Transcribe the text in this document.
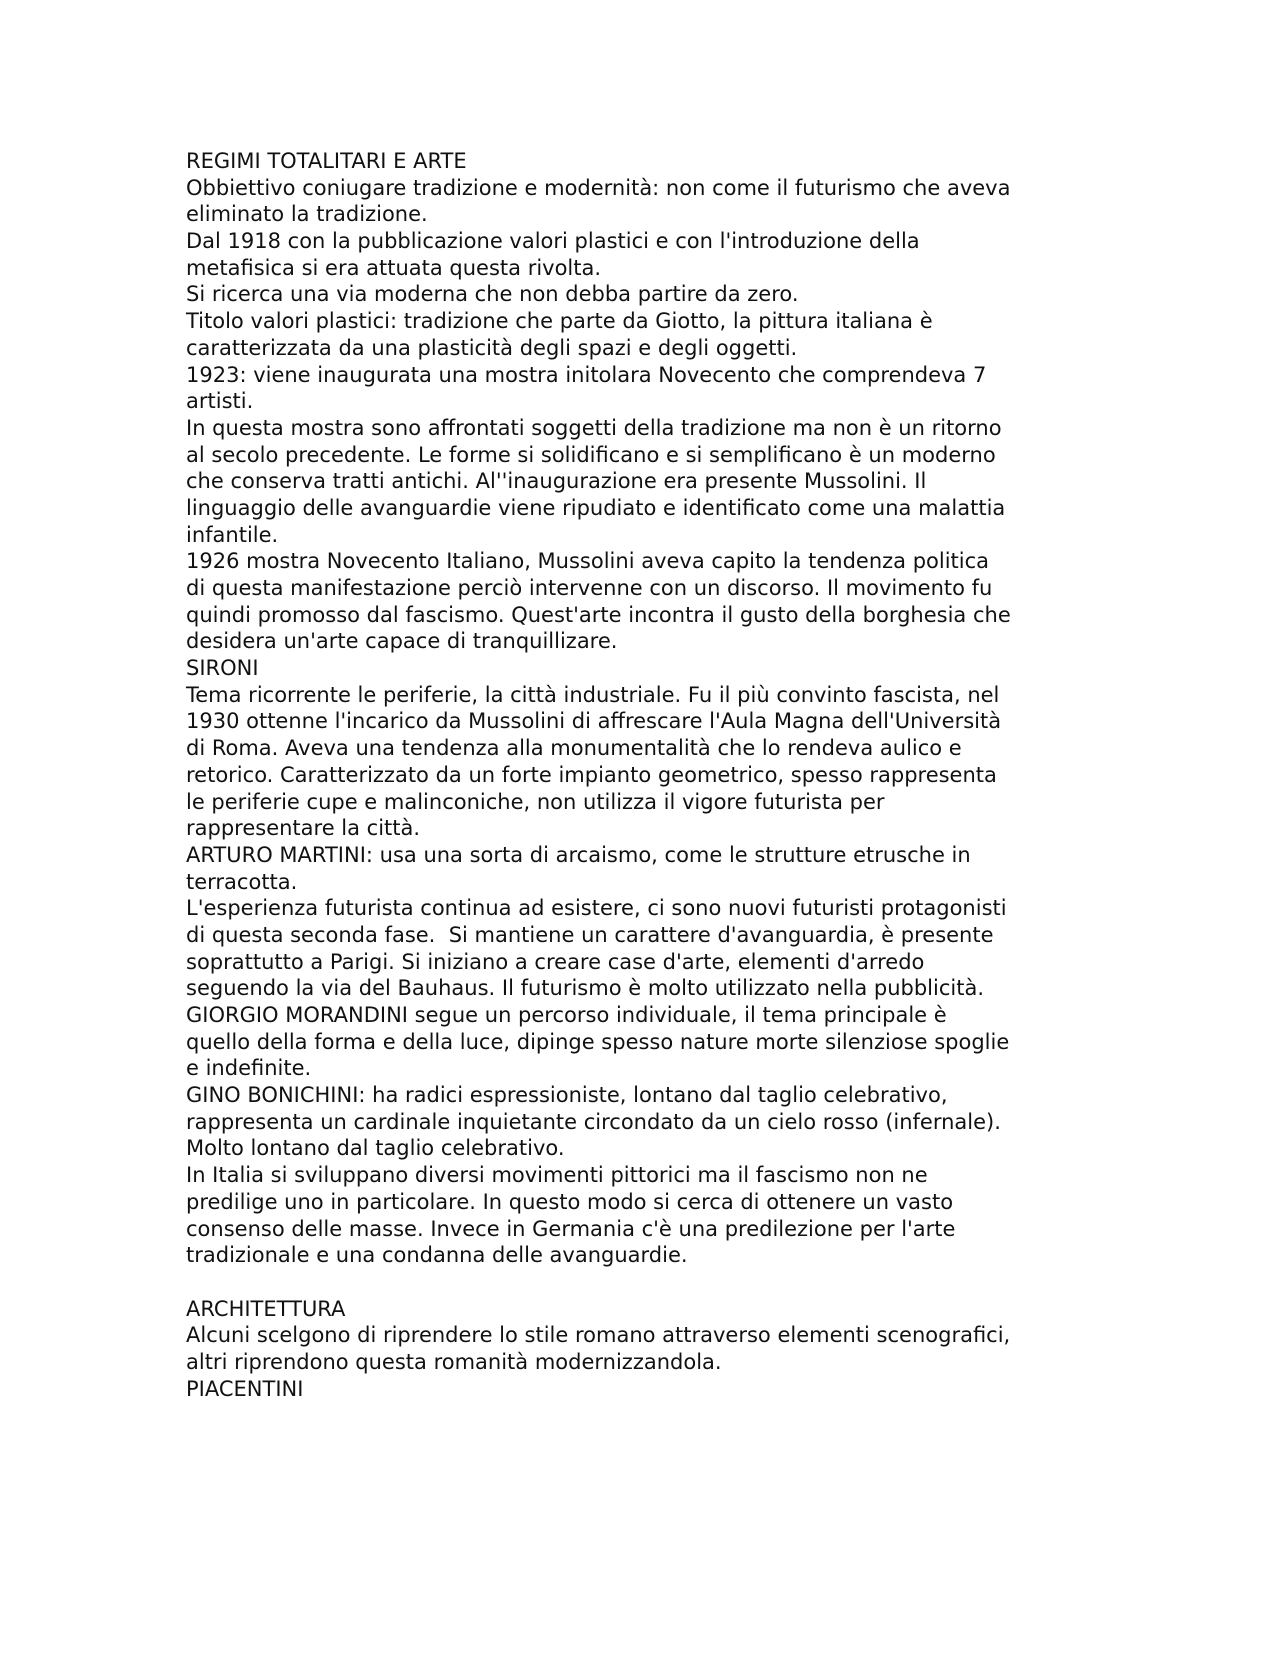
REGIMI TOTALITARI E ARTE
Obbiettivo coniugare tradizione e modernità: non come il futurismo che aveva
eliminato la tradizione.
Dal 1918 con la pubblicazione valori plastici e con l'introduzione della
metafisica si era attuata questa rivolta.
Si ricerca una via moderna che non debba partire da zero.
Titolo valori plastici: tradizione che parte da Giotto, la pittura italiana è
caratterizzata da una plasticità degli spazi e degli oggetti.
1923: viene inaugurata una mostra initolara Novecento che comprendeva 7
artisti.
In questa mostra sono affrontati soggetti della tradizione ma non è un ritorno
al secolo precedente. Le forme si solidificano e si semplificano è un moderno
che conserva tratti antichi. Al''inaugurazione era presente Mussolini. Il
linguaggio delle avanguardie viene ripudiato e identificato come una malattia
infantile.
1926 mostra Novecento Italiano, Mussolini aveva capito la tendenza politica
di questa manifestazione perciò intervenne con un discorso. Il movimento fu
quindi promosso dal fascismo. Quest'arte incontra il gusto della borghesia che
desidera un'arte capace di tranquillizare.
SIRONI
Tema ricorrente le periferie, la città industriale. Fu il più convinto fascista, nel
1930 ottenne l'incarico da Mussolini di affrescare l'Aula Magna dell'Università
di Roma. Aveva una tendenza alla monumentalità che lo rendeva aulico e
retorico. Caratterizzato da un forte impianto geometrico, spesso rappresenta
le periferie cupe e malinconiche, non utilizza il vigore futurista per
rappresentare la città.
ARTURO MARTINI: usa una sorta di arcaismo, come le strutture etrusche in
terracotta.
L'esperienza futurista continua ad esistere, ci sono nuovi futuristi protagonisti
di questa seconda fase.  Si mantiene un carattere d'avanguardia, è presente
soprattutto a Parigi. Si iniziano a creare case d'arte, elementi d'arredo
seguendo la via del Bauhaus. Il futurismo è molto utilizzato nella pubblicità.
GIORGIO MORANDINI segue un percorso individuale, il tema principale è
quello della forma e della luce, dipinge spesso nature morte silenziose spoglie
e indefinite.
GINO BONICHINI: ha radici espressioniste, lontano dal taglio celebrativo,
rappresenta un cardinale inquietante circondato da un cielo rosso (infernale).
Molto lontano dal taglio celebrativo.
In Italia si sviluppano diversi movimenti pittorici ma il fascismo non ne
predilige uno in particolare. In questo modo si cerca di ottenere un vasto
consenso delle masse. Invece in Germania c'è una predilezione per l'arte
tradizionale e una condanna delle avanguardie.
ARCHITETTURA
Alcuni scelgono di riprendere lo stile romano attraverso elementi scenografici,
altri riprendono questa romanità modernizzandola.
PIACENTINI
